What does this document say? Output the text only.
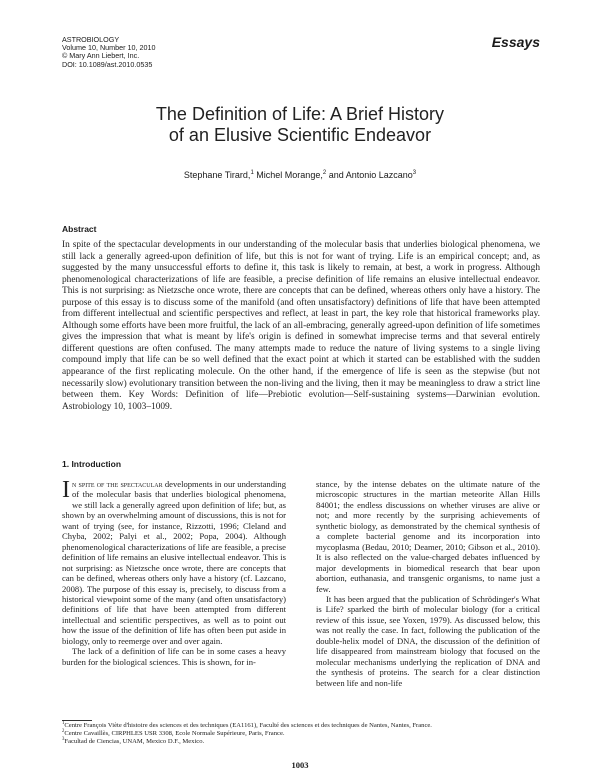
ASTROBIOLOGY
Volume 10, Number 10, 2010
© Mary Ann Liebert, Inc.
DOI: 10.1089/ast.2010.0535
Essays
The Definition of Life: A Brief History
of an Elusive Scientific Endeavor
Stephane Tirard,$^1$ Michel Morange,$^2$ and Antonio Lazcano$^3$
Abstract
In spite of the spectacular developments in our understanding of the molecular basis that underlies biological phenomena, we still lack a generally agreed-upon definition of life, but this is not for want of trying. Life is an empirical concept; and, as suggested by the many unsuccessful efforts to define it, this task is likely to remain, at best, a work in progress. Although phenomenological characterizations of life are feasible, a precise definition of life remains an elusive intellectual endeavor. This is not surprising: as Nietzsche once wrote, there are concepts that can be defined, whereas others only have a history. The purpose of this essay is to discuss some of the manifold (and often unsatisfactory) definitions of life that have been attempted from different intellectual and scientific perspectives and reflect, at least in part, the key role that historical frameworks play. Although some efforts have been more fruitful, the lack of an all-embracing, generally agreed-upon definition of life sometimes gives the impression that what is meant by life's origin is defined in somewhat imprecise terms and that several entirely different questions are often confused. The many attempts made to reduce the nature of living systems to a single living compound imply that life can be so well defined that the exact point at which it started can be established with the sudden appearance of the first replicating molecule. On the other hand, if the emergence of life is seen as the stepwise (but not necessarily slow) evolutionary transition between the non-living and the living, then it may be meaningless to draw a strict line between them. Key Words: Definition of life—Prebiotic evolution—Self-sustaining systems—Darwinian evolution. Astrobiology 10, 1003–1009.
1. Introduction

In spite of the spectacular developments in our understanding of the molecular basis that underlies biological phenomena, we still lack a generally agreed upon definition of life; but, as shown by an overwhelming amount of discussions, this is not for want of trying (see, for instance, Rizzotti, 1996; Cleland and Chyba, 2002; Palyi et al., 2002; Popa, 2004). Although phenomenological characterizations of life are feasible, a precise definition of life remains an elusive intellectual endeavor. This is not surprising: as Nietzsche once wrote, there are concepts that can be defined, whereas others only have a history (cf. Lazcano, 2008). The purpose of this essay is, precisely, to discuss from a historical viewpoint some of the many (and often unsatisfactory) definitions of life that have been attempted from different intellectual and scientific perspectives, as well as to point out how the issue of the definition of life has often been put aside in biology, only to reemerge over and over again.

The lack of a definition of life can be in some cases a heavy burden for the biological sciences. This is shown, for in-

stance, by the intense debates on the ultimate nature of the microscopic structures in the martian meteorite Allan Hills 84001; the endless discussions on whether viruses are alive or not; and more recently by the surprising achievements of synthetic biology, as demonstrated by the chemical synthesis of a complete bacterial genome and its incorporation into mycoplasma (Bedau, 2010; Deamer, 2010; Gibson et al., 2010). It is also reflected on the value-charged debates influenced by major developments in biomedical research that bear upon abortion, euthanasia, and transgenic organisms, to name just a few.

It has been argued that the publication of Schrödinger's What is Life? sparked the birth of molecular biology (for a critical review of this issue, see Yoxen, 1979). As discussed below, this was not really the case. In fact, following the publication of the double-helix model of DNA, the discussion of the definition of life disappeared from mainstream biology that focused on the molecular mechanisms underlying the replication of DNA and the synthesis of proteins. The search for a clear distinction between life and non-life

$^1$Centre François Viète d'histoire des sciences et des techniques (EA1161), Faculté des sciences et des techniques de Nantes, Nantes, France.
$^2$Centre Cavaillès, CIRPHLES USR 3308, Ecole Normale Supérieure, Paris, France.
$^3$Facultad de Ciencias, UNAM, Mexico D.F., Mexico.
1003
